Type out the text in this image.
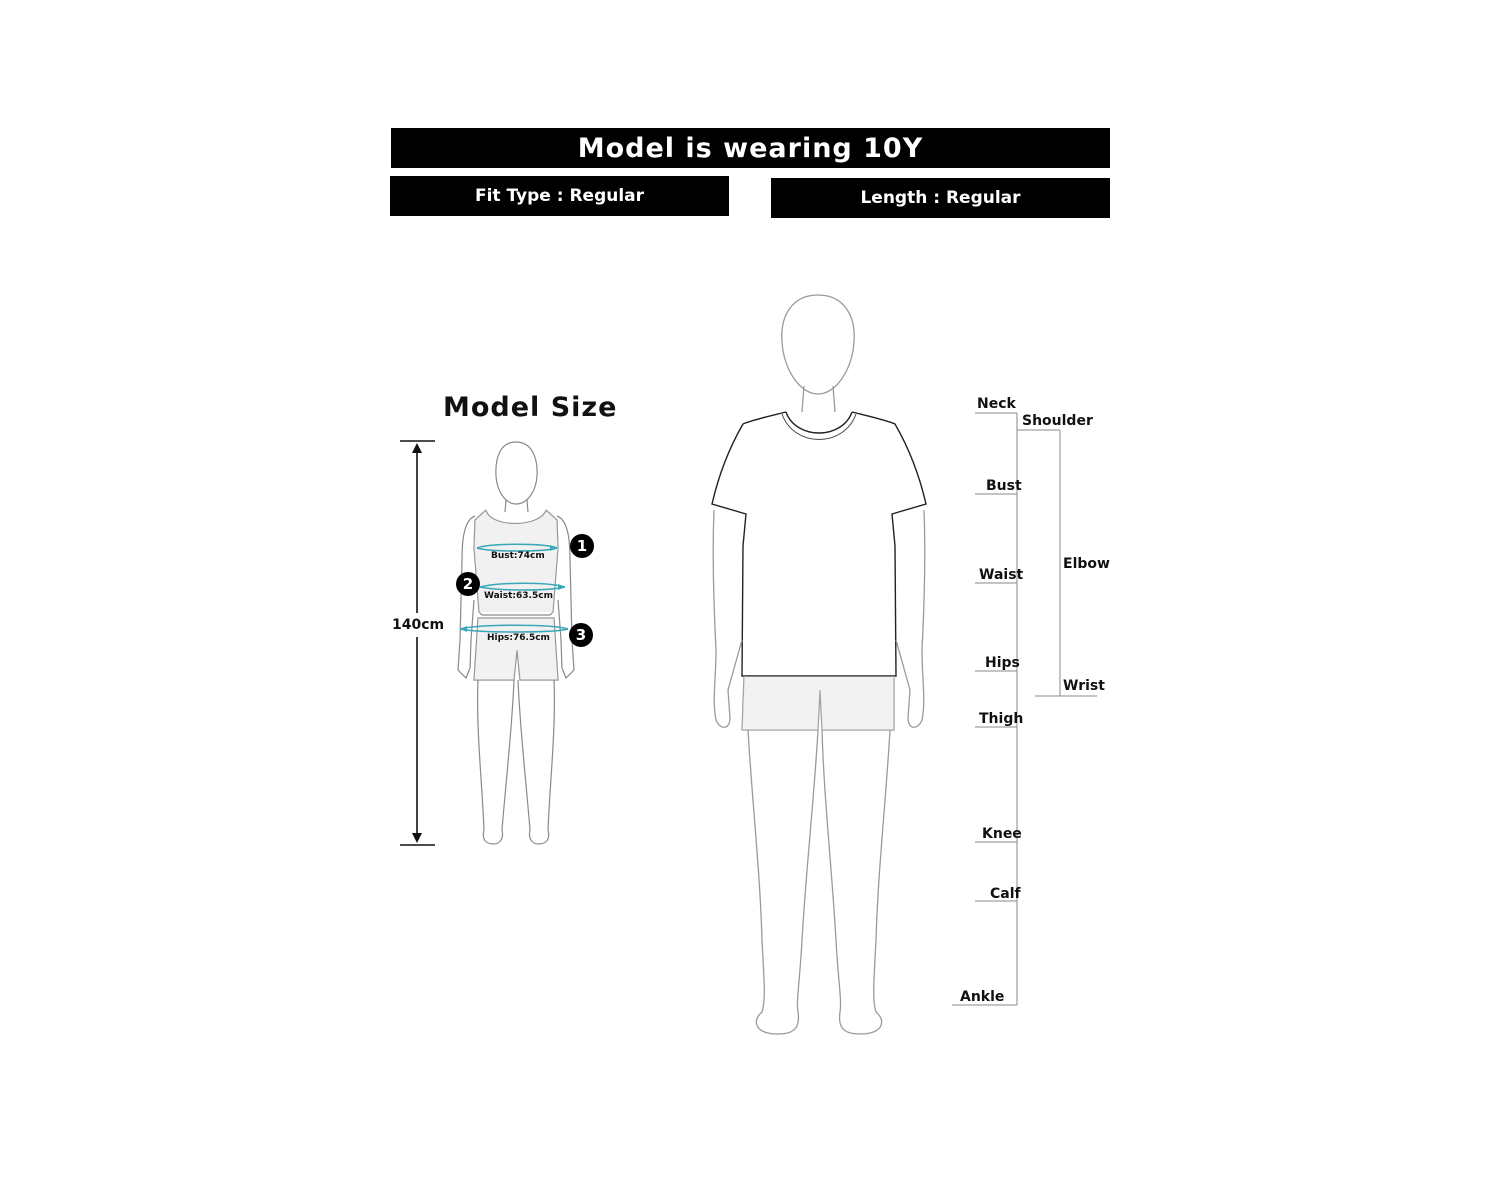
Model is wearing 10Y
Fit Type : Regular	Length : Regular
Model Size
140cm
Bust:74cm
Waist:63.5cm
Hips:76.5cm
1
2
3
Neck
Bust
Waist
Hips
Thigh
Knee
Calf
Ankle
Shoulder
Elbow
Wrist
